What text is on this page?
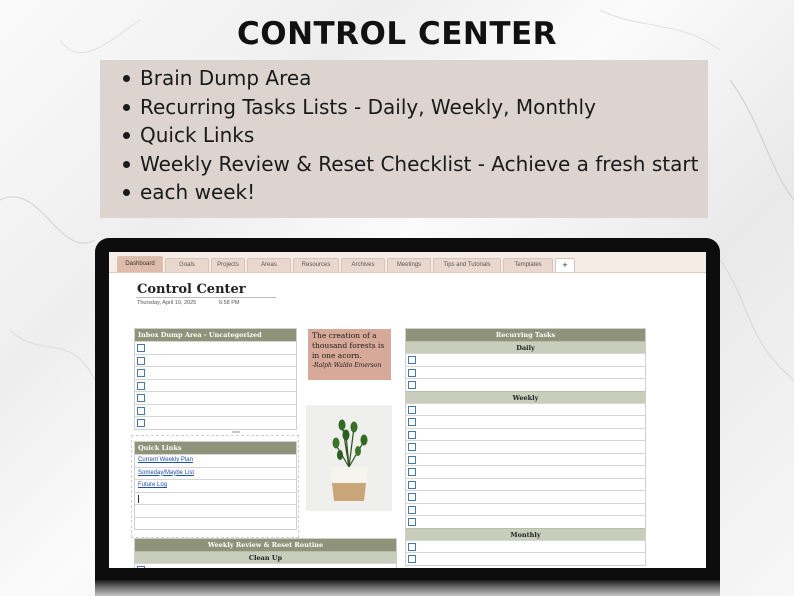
CONTROL CENTER
Brain Dump Area
Recurring Tasks Lists - Daily, Weekly, Monthly
Quick Links
Weekly Review & Reset Checklist - Achieve a fresh start
each week!
Dashboard	Goals	Projects	Areas	Resources	Archives	Meetings	Tips and Tutorials	Templates	+
Control Center
Thursday, April 10, 2025	6:58 PM
Inbox Dump Area - Uncategorized
Quick Links
Current Weekly Plan
Someday/Maybe List
Future Log
The creation of a thousand forests is in one acorn.
-Ralph Waldo Emerson
Weekly Review & Reset Routine
Clean Up
Recurring Tasks
Daily
Weekly
Monthly
